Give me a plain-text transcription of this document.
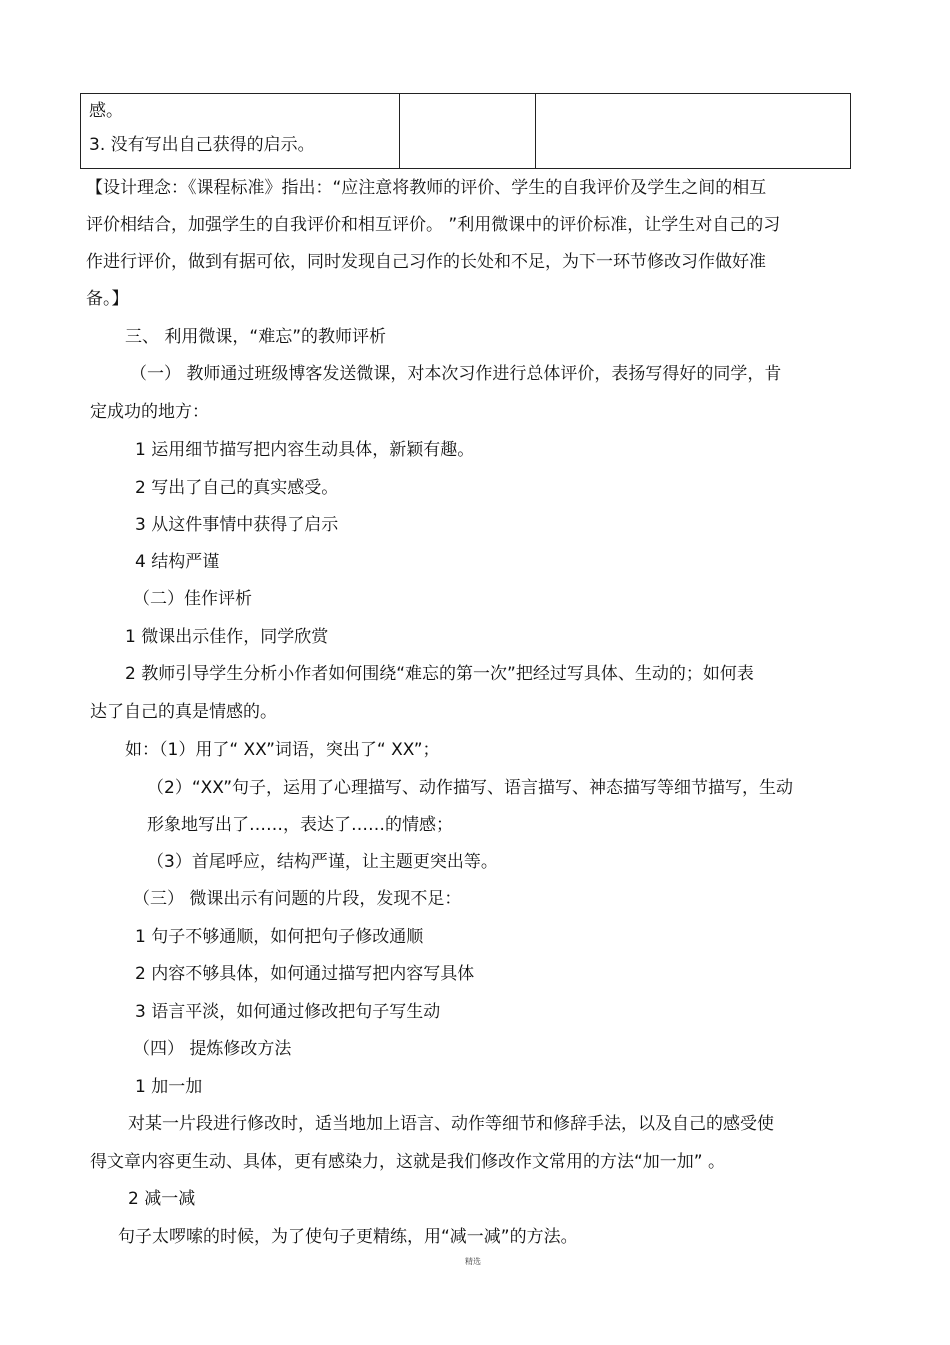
感。
3. 没有写出自己获得的启示。

【设计理念：《课程标准》指出：“应注意将教师的评价、学生的自我评价及学生之间的相互
评价相结合，加强学生的自我评价和相互评价。 ”利用微课中的评价标准，让学生对自己的习
作进行评价，做到有据可依，同时发现自己习作的长处和不足，为下一环节修改习作做好准
备。】
三、 利用微课，“难忘”的教师评析
（一） 教师通过班级博客发送微课，对本次习作进行总体评价，表扬写得好的同学，肯
定成功的地方：
1 运用细节描写把内容生动具体，新颖有趣。
2 写出了自己的真实感受。
3 从这件事情中获得了启示
4 结构严谨
（二）佳作评析
1 微课出示佳作，同学欣赏
2 教师引导学生分析小作者如何围绕“难忘的第一次”把经过写具体、生动的；如何表
达了自己的真是情感的。
如：（1）用了“ XX”词语，突出了“ XX”；
（2）“XX”句子，运用了心理描写、动作描写、语言描写、神态描写等细节描写，生动
形象地写出了……，表达了……的情感；
（3）首尾呼应，结构严谨，让主题更突出等。
（三） 微课出示有问题的片段，发现不足：
1 句子不够通顺，如何把句子修改通顺
2 内容不够具体，如何通过描写把内容写具体
3 语言平淡，如何通过修改把句子写生动
（四） 提炼修改方法
1 加一加
对某一片段进行修改时，适当地加上语言、动作等细节和修辞手法，以及自己的感受使
得文章内容更生动、具体，更有感染力，这就是我们修改作文常用的方法“加一加” 。
2 减一减
句子太啰嗦的时候，为了使句子更精练，用“减一减”的方法。
精选
